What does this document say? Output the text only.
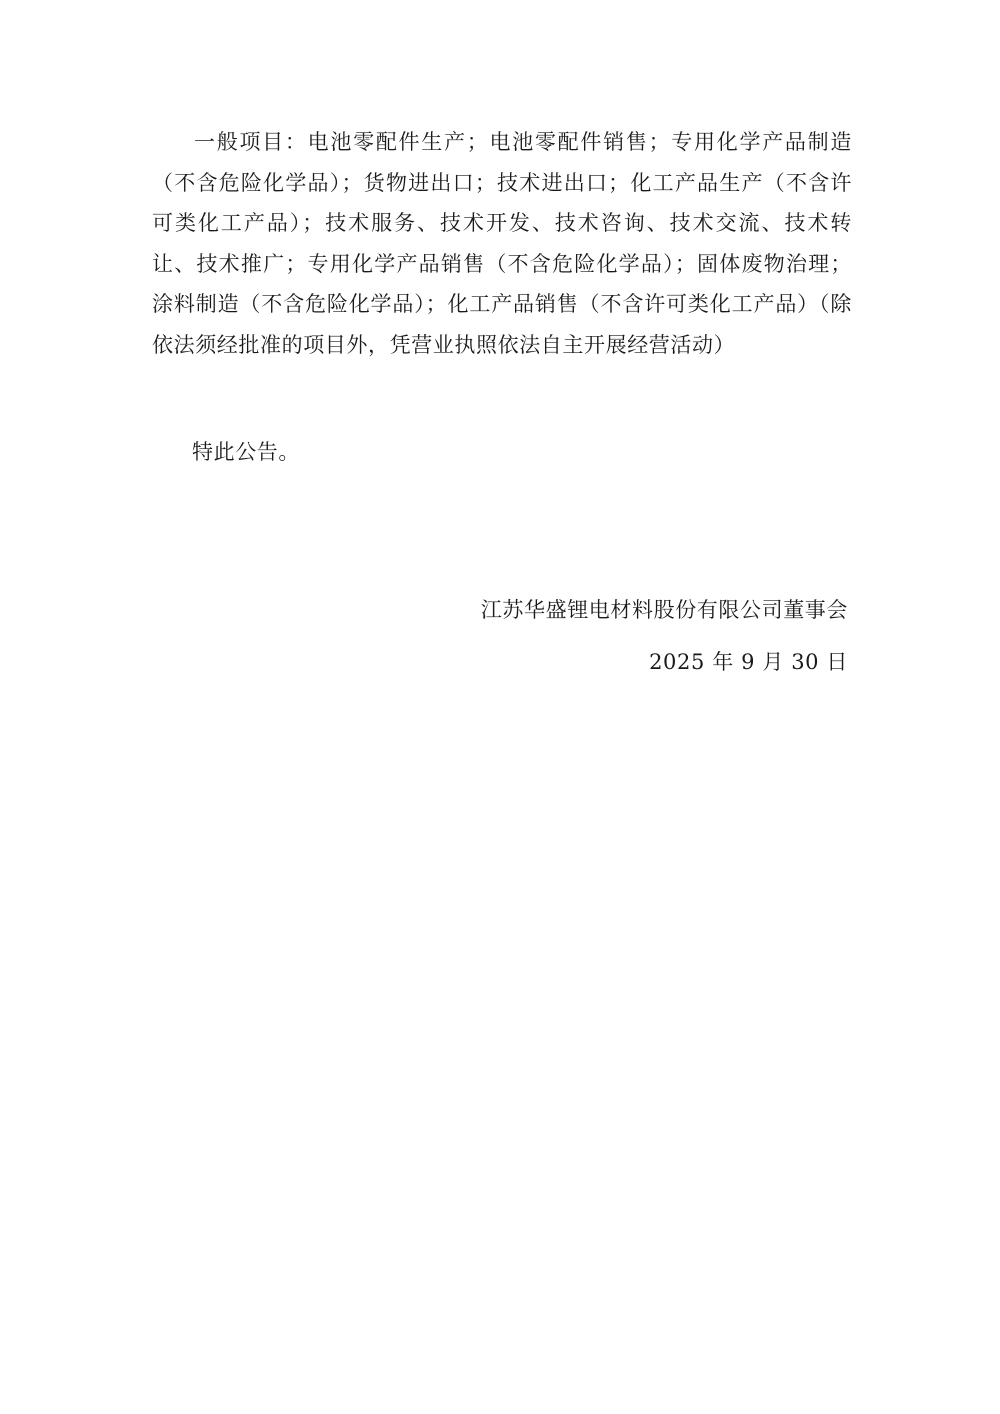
一般项目：电池零配件生产；电池零配件销售；专用化学产品制造（不含危险化学品）；货物进出口；技术进出口；化工产品生产（不含许可类化工产品）；技术服务、技术开发、技术咨询、技术交流、技术转让、技术推广；专用化学产品销售（不含危险化学品）；固体废物治理；涂料制造（不含危险化学品）；化工产品销售（不含许可类化工产品）（除依法须经批准的项目外，凭营业执照依法自主开展经营活动）

特此公告。
江苏华盛锂电材料股份有限公司董事会
2025 年 9 月 30 日
